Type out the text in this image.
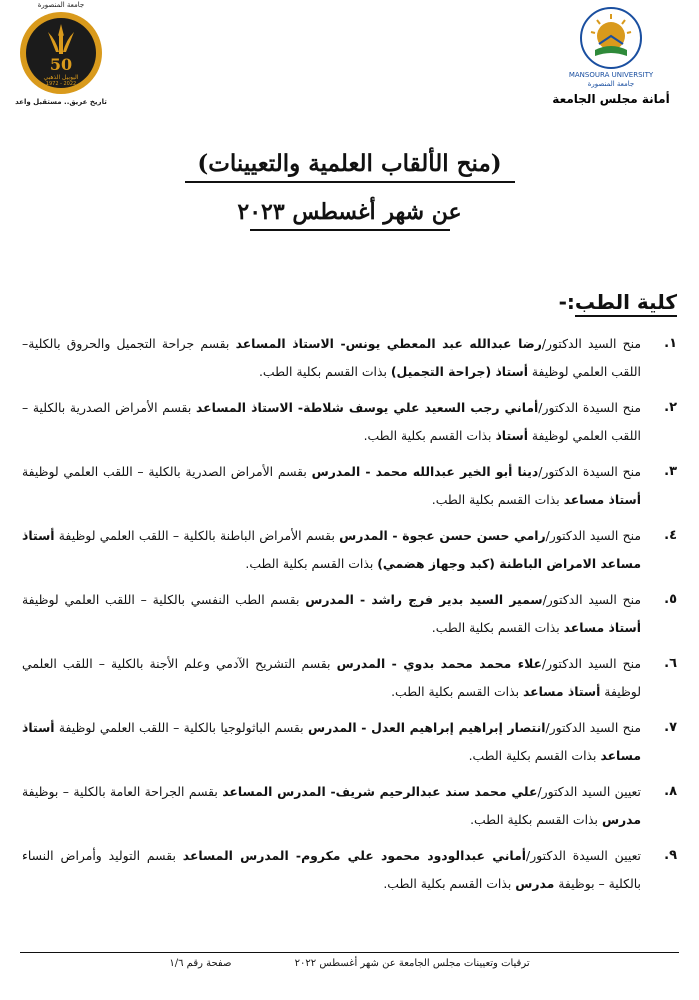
MANSOURA UNIVERSITY
جامعة المنصورة
أمانة مجلس الجامعة
50
جامعة المنصورة
اليوبيل الذهبي
1972 - 2022
تاريخ عريق.. مستقبل واعد
(منح الألقاب العلمية والتعيينات)
عن شهر أغسطس ٢٠٢٣
كلية الطب:-
١.
منح السيد الدكتور/رضا عبدالله عبد المعطي يونس- الاستاذ المساعد بقسم جراحة التجميل والحروق بالكلية– اللقب العلمي لوظيفة أستاذ (جراحة التجميل) بذات القسم بكلية الطب.
٢.
منح السيدة الدكتور/أماني رجب السعيد علي يوسف شلاطة- الاستاذ المساعد بقسم الأمراض الصدرية بالكلية – اللقب العلمي لوظيفة أستاذ بذات القسم بكلية الطب.
٣.
منح السيدة الدكتور/دينا أبو الخير عبدالله محمد - المدرس بقسم الأمراض الصدرية بالكلية – اللقب العلمي لوظيفة أستاذ مساعد بذات القسم بكلية الطب.
٤.
منح السيد الدكتور/رامي حسن حسن عجوة - المدرس بقسم الأمراض الباطنة بالكلية – اللقب العلمي لوظيفة أستاذ مساعد الامراض الباطنة (كبد وجهاز هضمي) بذات القسم بكلية الطب.
٥.
منح السيد الدكتور/سمير السيد بدير فرج راشد - المدرس بقسم الطب النفسي بالكلية – اللقب العلمي لوظيفة أستاذ مساعد بذات القسم بكلية الطب.
٦.
منح السيد الدكتور/علاء محمد محمد بدوي - المدرس بقسم التشريح الآدمي وعلم الأجنة بالكلية – اللقب العلمي لوظيفة أستاذ مساعد بذات القسم بكلية الطب.
٧.
منح السيد الدكتور/انتصار إبراهيم إبراهيم العدل - المدرس بقسم الباثولوجيا بالكلية – اللقب العلمي لوظيفة أستاذ مساعد بذات القسم بكلية الطب.
٨.
تعيين السيد الدكتور/علي محمد سند عبدالرحيم شريف- المدرس المساعد بقسم الجراحة العامة بالكلية – بوظيفة مدرس بذات القسم بكلية الطب.
٩.
تعيين السيدة الدكتور/أماني عبدالودود محمود علي مكروم- المدرس المساعد بقسم التوليد وأمراض النساء بالكلية – بوظيفة مدرس بذات القسم بكلية الطب.
ترقيات وتعيينات مجلس الجامعة عن شهر أغسطس ٢٠٢٢ صفحة رقم ١/٦
